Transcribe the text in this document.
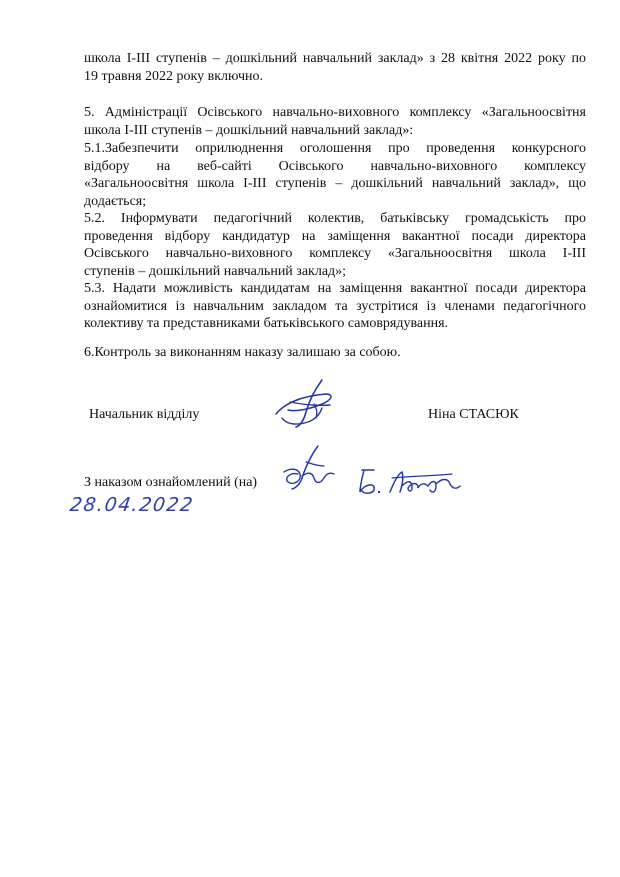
школа І-ІІІ ступенів – дошкільний навчальний заклад» з 28 квітня 2022 року по
19 травня 2022 року включно.
5. Адміністрації Осівського навчально-виховного комплексу «Загальноосвітня
школа І-ІІІ ступенів – дошкільний навчальний заклад»:
5.1.Забезпечити оприлюднення оголошення про проведення конкурсного
відбору на веб-сайті Осівського навчально-виховного комплексу
«Загальноосвітня школа І-ІІІ ступенів – дошкільний навчальний заклад», що
додається;
5.2. Інформувати педагогічний колектив, батьківську громадськість про
проведення відбору кандидатур на заміщення вакантної посади директора
Осівського навчально-виховного комплексу «Загальноосвітня школа І-ІІІ
ступенів – дошкільний навчальний заклад»;
5.3. Надати можливість кандидатам на заміщення вакантної посади директора
ознайомитися із навчальним закладом та зустрітися із членами педагогічного
колективу та представниками батьківського самоврядування.
6.Контроль за виконанням наказу залишаю за собою.
Начальник відділу	Ніна СТАСЮК
З наказом ознайомлений (на)
28.04.2022
